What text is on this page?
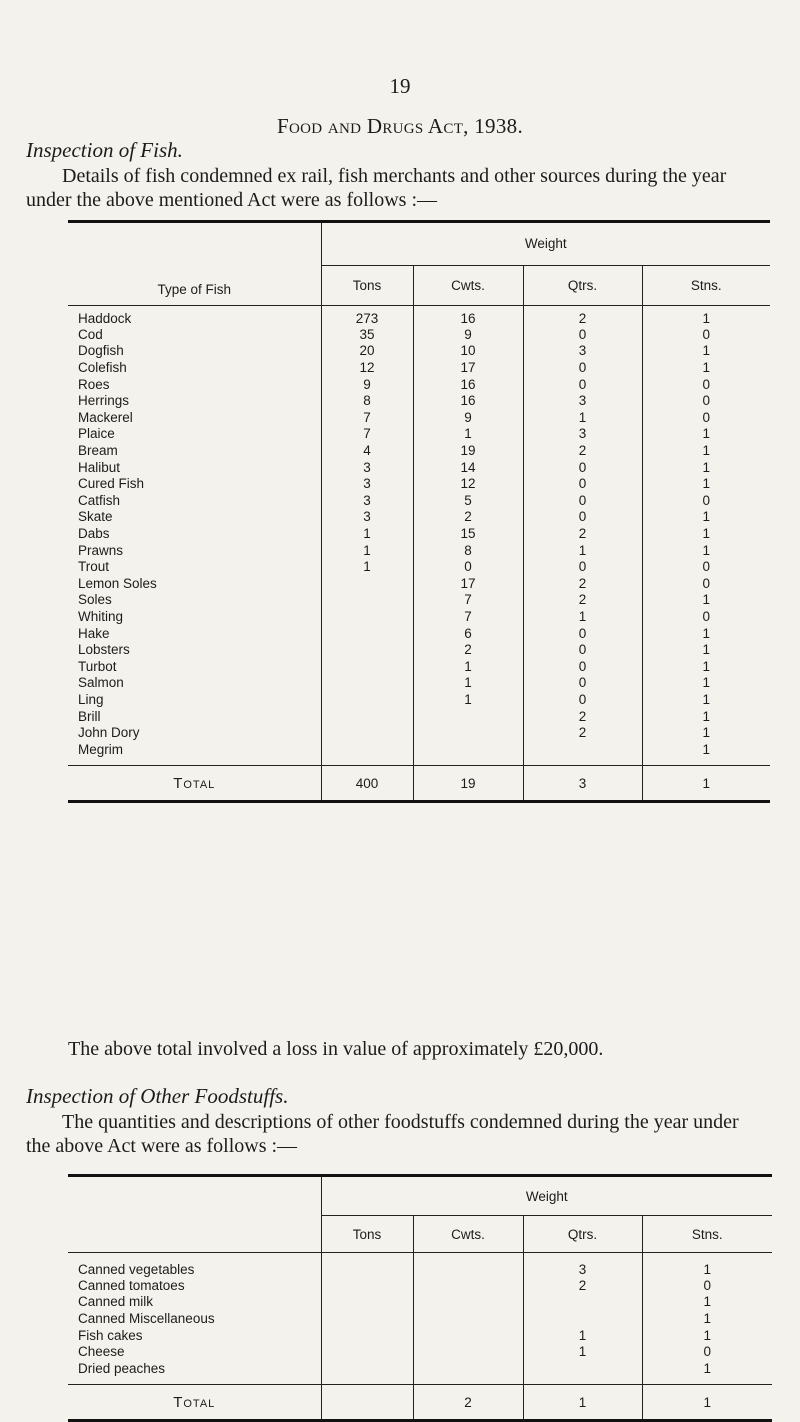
19
Food and Drugs Act, 1938.
Inspection of Fish.
Details of fish condemned ex rail, fish merchants and other sources during the year under the above mentioned Act were as follows :—
Type of Fish	Weight			
	Tons	Cwts.	Qtrs.	Stns.
Haddock	273	16	2	1
Cod	35	9	0	0
Dogfish	20	10	3	1
Colefish	12	17	0	1
Roes	9	16	0	0
Herrings	8	16	3	0
Mackerel	7	9	1	0
Plaice	7	1	3	1
Bream	4	19	2	1
Halibut	3	14	0	1
Cured Fish	3	12	0	1
Catfish	3	5	0	0
Skate	3	2	0	1
Dabs	1	15	2	1
Prawns	1	8	1	1
Trout	1	0	0	0
Lemon Soles		17	2	0
Soles		7	2	1
Whiting		7	1	0
Hake		6	0	1
Lobsters		2	0	1
Turbot		1	0	1
Salmon		1	0	1
Ling		1	0	1
Brill			2	1
John Dory			2	1
Megrim				1

Total	400	19	3	1
The above total involved a loss in value of approximately £20,000.
Inspection of Other Foodstuffs.
The quantities and descriptions of other foodstuffs condemned during the year under the above Act were as follows :—
	Weight			
	Tons	Cwts.	Qtrs.	Stns.
Canned vegetables			3	1
Canned tomatoes			2	0
Canned milk				1
Canned Miscellaneous				1
Fish cakes			1	1
Cheese			1	0
Dried peaches				1

Total		2	1	1
